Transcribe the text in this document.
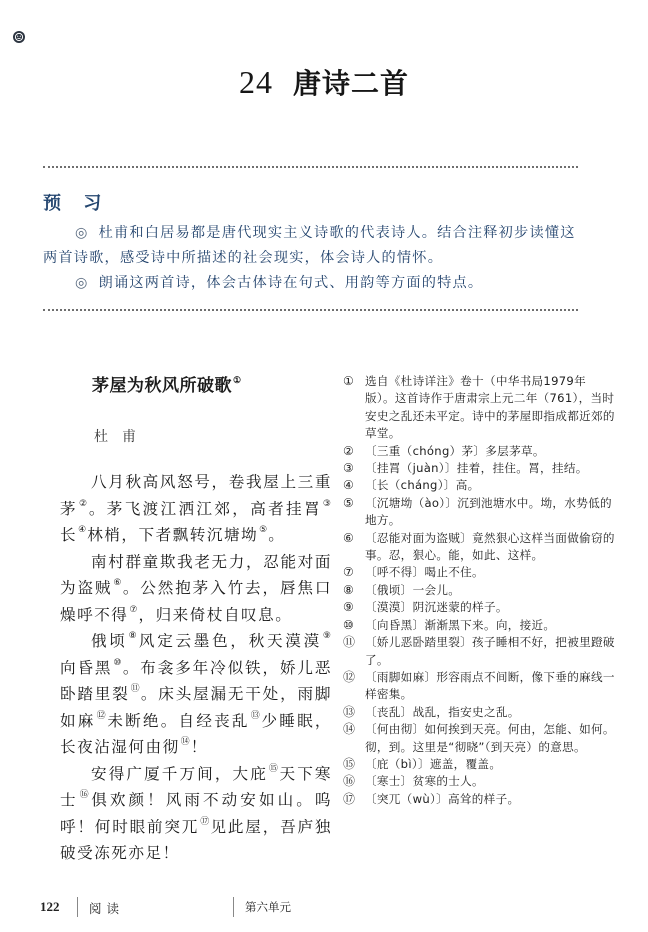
24 唐诗二首
预 习
◎ 杜甫和白居易都是唐代现实主义诗歌的代表诗人。结合注释初步读懂这两首诗歌，感受诗中所描述的社会现实，体会诗人的情怀。
◎ 朗诵这两首诗，体会古体诗在句式、用韵等方面的特点。
茅屋为秋风所破歌①
杜甫

八月秋高风怒号，卷我屋上三重茅②。茅飞渡江洒江郊，高者挂罥③长④林梢，下者飘转沉塘坳⑤。

南村群童欺我老无力，忍能对面为盗贼⑥。公然抱茅入竹去，唇焦口燥呼不得⑦，归来倚杖自叹息。

俄顷⑧风定云墨色，秋天漠漠⑨向昏黑⑩。布衾多年冷似铁，娇儿恶卧踏里裂⑪。床头屋漏无干处，雨脚如麻⑫未断绝。自经丧乱⑬少睡眠，长夜沾湿何由彻⑭！

安得广厦千万间，大庇⑮天下寒士⑯俱欢颜！风雨不动安如山。呜呼！何时眼前突兀⑰见此屋，吾庐独破受冻死亦足！

① 选自《杜诗详注》卷十（中华书局1979年版）。这首诗作于唐肃宗上元二年（761），当时安史之乱还未平定。诗中的茅屋即指成都近郊的草堂。
② 〔三重（chóng）茅〕多层茅草。
③ 〔挂罥（juàn）〕挂着，挂住。罥，挂结。
④ 〔长（cháng）〕高。
⑤ 〔沉塘坳（ào）〕沉到池塘水中。坳，水势低的地方。
⑥ 〔忍能对面为盗贼〕竟然狠心这样当面做偷窃的事。忍，狠心。能，如此、这样。
⑦ 〔呼不得〕喝止不住。
⑧ 〔俄顷〕一会儿。
⑨ 〔漠漠〕阴沉迷蒙的样子。
⑩ 〔向昏黑〕渐渐黑下来。向，接近。
⑪ 〔娇儿恶卧踏里裂〕孩子睡相不好，把被里蹬破了。
⑫ 〔雨脚如麻〕形容雨点不间断，像下垂的麻线一样密集。
⑬ 〔丧乱〕战乱，指安史之乱。
⑭ 〔何由彻〕如何挨到天亮。何由，怎能、如何。彻，到。这里是“彻晓”（到天亮）的意思。
⑮ 〔庇（bì）〕遮盖，覆盖。
⑯ 〔寒士〕贫寒的士人。
⑰ 〔突兀（wù）〕高耸的样子。
122 阅读	第六单元
